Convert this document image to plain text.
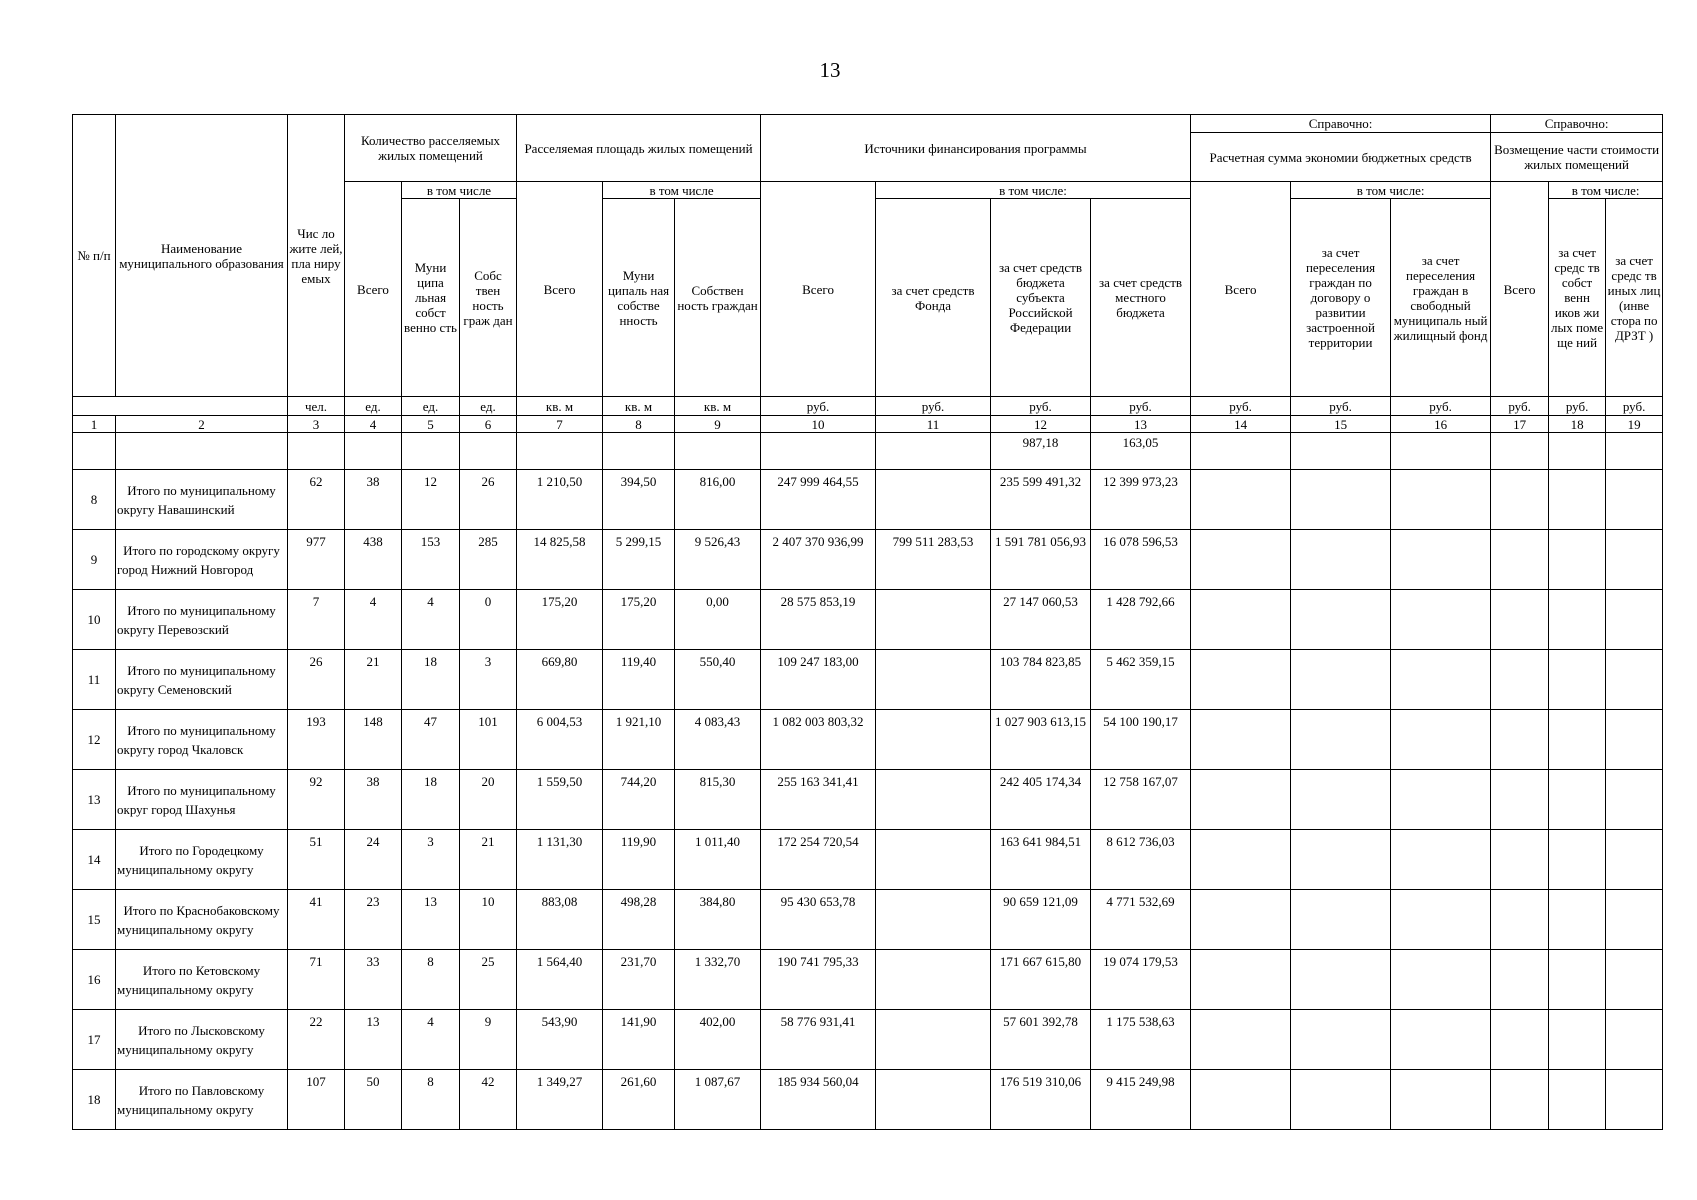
13
№ п/п	Наименование муниципального образования	Чис ло жите лей, пла ниру емых	Количество расселяемых жилых помещений			Расселяемая площадь жилых помещений			Источники финансирования программы				Справочно:			Справочно:		
													Расчетная сумма экономии бюджетных средств			Возмещение части стоимости жилых помещений		
			Всего	в том числе		Всего	в том числе		Всего	в том числе:			Всего	в том числе:		Всего	в том числе:	
				Муни ципа льная собст венно сть	Собс твен ность граж дан		Муни ципаль ная собстве нность	Собствен ность граждан		за счет средств Фонда	за счет средств бюджета субъекта Российской Федерации	за счет средств местного бюджета		за счет переселения граждан по договору о развитии застроенной территории	за счет переселения граждан в свободный муниципаль ный жилищный фонд		за счет средс тв собст венн иков жи лых поме ще ний	за счет средс тв иных лиц (инве стора по ДРЗТ )
		чел.	ед.	ед.	ед.	кв. м	кв. м	кв. м	руб.	руб.	руб.	руб.	руб.	руб.	руб.	руб.	руб.	руб.
1	2	3	4	5	6	7	8	9	10	11	12	13	14	15	16	17	18	19
											987,18	163,05						
8	Итого по муниципальному округу Навашинский	62	38	12	26	1 210,50	394,50	816,00	247 999 464,55		235 599 491,32	12 399 973,23						
9	Итого по городскому округу город Нижний Новгород	977	438	153	285	14 825,58	5 299,15	9 526,43	2 407 370 936,99	799 511 283,53	1 591 781 056,93	16 078 596,53						
10	Итого по муниципальному округу Перевозский	7	4	4	0	175,20	175,20	0,00	28 575 853,19		27 147 060,53	1 428 792,66						
11	Итого по муниципальному округу Семеновский	26	21	18	3	669,80	119,40	550,40	109 247 183,00		103 784 823,85	5 462 359,15						
12	Итого по муниципальному округу город Чкаловск	193	148	47	101	6 004,53	1 921,10	4 083,43	1 082 003 803,32		1 027 903 613,15	54 100 190,17						
13	Итого по муниципальному округ город Шахунья	92	38	18	20	1 559,50	744,20	815,30	255 163 341,41		242 405 174,34	12 758 167,07						
14	Итого по Городецкому муниципальному округу	51	24	3	21	1 131,30	119,90	1 011,40	172 254 720,54		163 641 984,51	8 612 736,03						
15	Итого по Краснобаковскому муниципальному округу	41	23	13	10	883,08	498,28	384,80	95 430 653,78		90 659 121,09	4 771 532,69						
16	Итого по Кетовскому муниципальному округу	71	33	8	25	1 564,40	231,70	1 332,70	190 741 795,33		171 667 615,80	19 074 179,53						
17	Итого по Лысковскому муниципальному округу	22	13	4	9	543,90	141,90	402,00	58 776 931,41		57 601 392,78	1 175 538,63						
18	Итого по Павловскому муниципальному округу	107	50	8	42	1 349,27	261,60	1 087,67	185 934 560,04		176 519 310,06	9 415 249,98						
